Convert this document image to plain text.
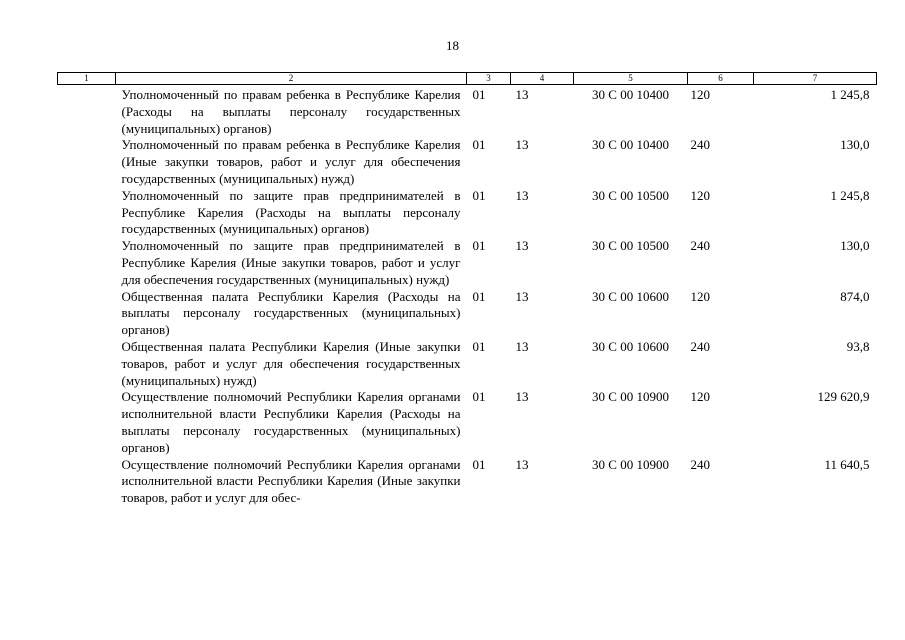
18
1	2	3	4	5	6	7
	Уполномоченный по правам ребенка в Республике Карелия (Расходы на выплаты персоналу государственных (муниципальных) органов)	01	13	30 С 00 10400	120	1 245,8
	Уполномоченный по правам ребенка в Республике Карелия (Иные закупки товаров, работ и услуг для обеспечения государственных (муниципальных) нужд)	01	13	30 С 00 10400	240	130,0
	Уполномоченный по защите прав предпринимателей в Республике Карелия (Расходы на выплаты персоналу государственных (муниципальных) органов)	01	13	30 С 00 10500	120	1 245,8
	Уполномоченный по защите прав предпринимателей в Республике Карелия (Иные закупки товаров, работ и услуг для обеспечения государственных (муниципальных) нужд)	01	13	30 С 00 10500	240	130,0
	Общественная палата Республики Карелия (Расходы на выплаты персоналу государственных (муниципальных) органов)	01	13	30 С 00 10600	120	874,0
	Общественная палата Республики Карелия (Иные закупки товаров, работ и услуг для обеспечения государственных (муниципальных) нужд)	01	13	30 С 00 10600	240	93,8
	Осуществление полномочий Республики Карелия органами исполнительной власти Республики Карелия (Расходы на выплаты персоналу государственных (муниципальных) органов)	01	13	30 С 00 10900	120	129 620,9
	Осуществление полномочий Республики Карелия органами исполнительной власти Республики Карелия (Иные закупки товаров, работ и услуг для обес-	01	13	30 С 00 10900	240	11 640,5
